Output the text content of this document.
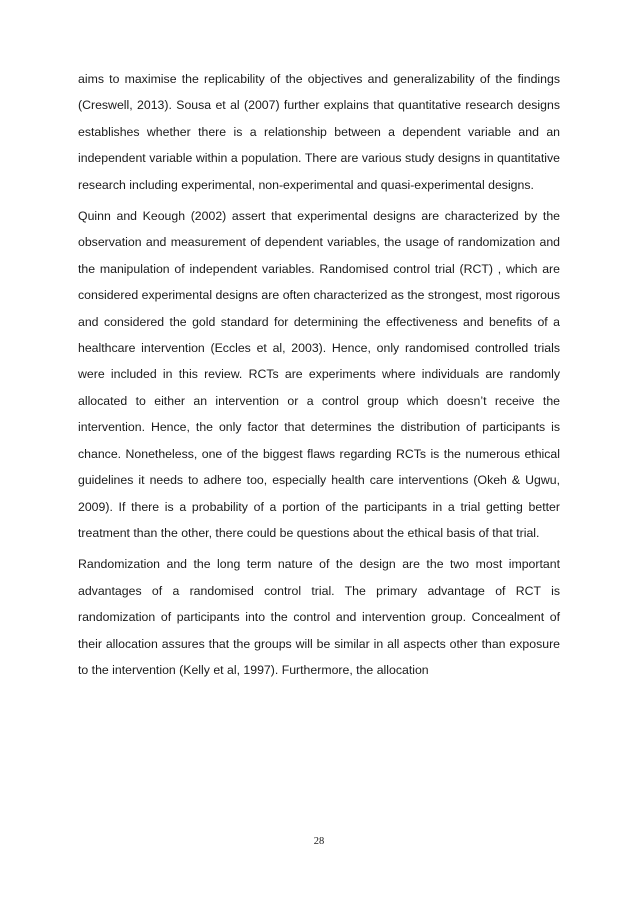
aims to maximise the replicability of the objectives and generalizability of the findings (Creswell, 2013). Sousa et al (2007) further explains that quantitative research designs establishes whether there is a relationship between a dependent variable and an independent variable within a population. There are various study designs in quantitative research including experimental, non-experimental and quasi-experimental designs.

Quinn and Keough (2002) assert that experimental designs are characterized by the observation and measurement of dependent variables, the usage of randomization and the manipulation of independent variables. Randomised control trial (RCT) , which are considered experimental designs are often characterized as the strongest, most rigorous and considered the gold standard for determining the effectiveness and benefits of a healthcare intervention (Eccles et al, 2003). Hence, only randomised controlled trials were included in this review. RCTs are experiments where individuals are randomly allocated to either an intervention or a control group which doesn’t receive the intervention. Hence, the only factor that determines the distribution of participants is chance. Nonetheless, one of the biggest flaws regarding RCTs is the numerous ethical guidelines it needs to adhere too, especially health care interventions (Okeh & Ugwu, 2009). If there is a probability of a portion of the participants in a trial getting better treatment than the other, there could be questions about the ethical basis of that trial.

Randomization and the long term nature of the design are the two most important advantages of a randomised control trial. The primary advantage of RCT is randomization of participants into the control and intervention group. Concealment of their allocation assures that the groups will be similar in all aspects other than exposure to the intervention (Kelly et al, 1997). Furthermore, the allocation

28
